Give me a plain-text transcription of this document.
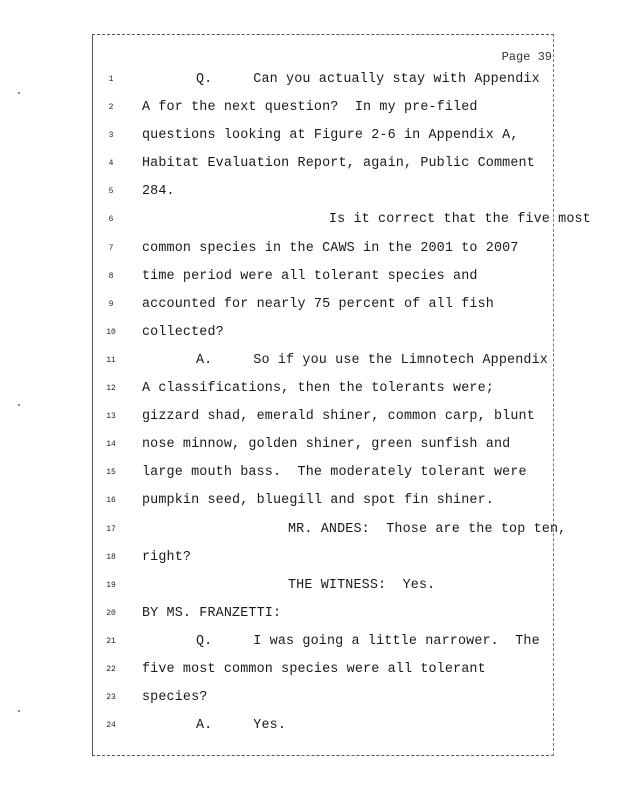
Page 39
1	Q.     Can you actually stay with Appendix
2	A for the next question?  In my pre-filed
3	questions looking at Figure 2-6 in Appendix A,
4	Habitat Evaluation Report, again, Public Comment
5	284.
6	Is it correct that the five most
7	common species in the CAWS in the 2001 to 2007
8	time period were all tolerant species and
9	accounted for nearly 75 percent of all fish
10	collected?
11	A.     So if you use the Limnotech Appendix
12	A classifications, then the tolerants were;
13	gizzard shad, emerald shiner, common carp, blunt
14	nose minnow, golden shiner, green sunfish and
15	large mouth bass.  The moderately tolerant were
16	pumpkin seed, bluegill and spot fin shiner.
17	MR. ANDES:  Those are the top ten,
18	right?
19	THE WITNESS:  Yes.
20	BY MS. FRANZETTI:
21	Q.     I was going a little narrower.  The
22	five most common species were all tolerant
23	species?
24	A.     Yes.
